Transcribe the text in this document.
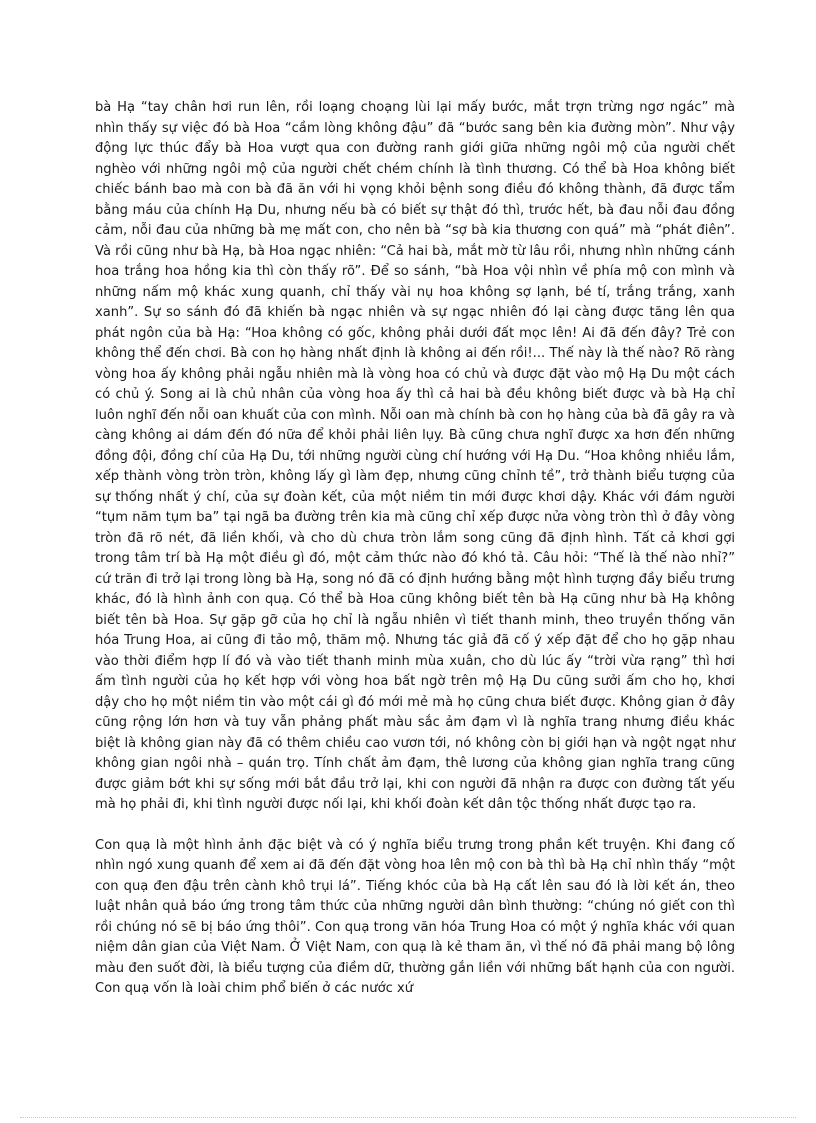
bà Hạ “tay chân hơi run lên, rồi loạng choạng lùi lại mấy bước, mắt trợn trừng ngơ ngác” mà nhìn thấy sự việc đó bà Hoa “cầm lòng không đậu” đã “bước sang bên kia đường mòn”. Như vậy động lực thúc đẩy bà Hoa vượt qua con đường ranh giới giữa những ngôi mộ của người chết nghèo với những ngôi mộ của người chết chém chính là tình thương. Có thể bà Hoa không biết chiếc bánh bao mà con bà đã ăn với hi vọng khỏi bệnh song điều đó không thành, đã được tẩm bằng máu của chính Hạ Du, nhưng nếu bà có biết sự thật đó thì, trước hết, bà đau nỗi đau đồng cảm, nỗi đau của những bà mẹ mất con, cho nên bà “sợ bà kia thương con quá” mà “phát điên”. Và rồi cũng như bà Hạ, bà Hoa ngạc nhiên: “Cả hai bà, mắt mờ từ lâu rồi, nhưng nhìn những cánh hoa trắng hoa hồng kia thì còn thấy rõ”. Để so sánh, “bà Hoa vội nhìn về phía mộ con mình và những nấm mộ khác xung quanh, chỉ thấy vài nụ hoa không sợ lạnh, bé tí, trắng trắng, xanh xanh”. Sự so sánh đó đã khiến bà ngạc nhiên và sự ngạc nhiên đó lại càng được tăng lên qua phát ngôn của bà Hạ: “Hoa không có gốc, không phải dưới đất mọc lên! Ai đã đến đây? Trẻ con không thể đến chơi. Bà con họ hàng nhất định là không ai đến rồi!... Thế này là thế nào? Rõ ràng vòng hoa ấy không phải ngẫu nhiên mà là vòng hoa có chủ và được đặt vào mộ Hạ Du một cách có chủ ý. Song ai là chủ nhân của vòng hoa ấy thì cả hai bà đều không biết được và bà Hạ chỉ luôn nghĩ đến nỗi oan khuất của con mình. Nỗi oan mà chính bà con họ hàng của bà đã gây ra và càng không ai dám đến đó nữa để khỏi phải liên lụy. Bà cũng chưa nghĩ được xa hơn đến những đồng đội, đồng chí của Hạ Du, tới những người cùng chí hướng với Hạ Du. “Hoa không nhiều lắm, xếp thành vòng tròn tròn, không lấy gì làm đẹp, nhưng cũng chỉnh tề”, trở thành biểu tượng của sự thống nhất ý chí, của sự đoàn kết, của một niềm tin mới được khơi dậy. Khác với đám người “tụm năm tụm ba” tại ngã ba đường trên kia mà cũng chỉ xếp được nửa vòng tròn thì ở đây vòng tròn đã rõ nét, đã liền khối, và cho dù chưa tròn lắm song cũng đã định hình. Tất cả khơi gợi trong tâm trí bà Hạ một điều gì đó, một cảm thức nào đó khó tả. Câu hỏi: “Thế là thế nào nhỉ?” cứ trăn đi trở lại trong lòng bà Hạ, song nó đã có định hướng bằng một hình tượng đầy biểu trưng khác, đó là hình ảnh con quạ. Có thể bà Hoa cũng không biết tên bà Hạ cũng như bà Hạ không biết tên bà Hoa. Sự gặp gỡ của họ chỉ là ngẫu nhiên vì tiết thanh minh, theo truyền thống văn hóa Trung Hoa, ai cũng đi tảo mộ, thăm mộ. Nhưng tác giả đã cố ý xếp đặt để cho họ gặp nhau vào thời điểm hợp lí đó và vào tiết thanh minh mùa xuân, cho dù lúc ấy “trời vừa rạng” thì hơi ấm tình người của họ kết hợp với vòng hoa bất ngờ trên mộ Hạ Du cũng sưởi ấm cho họ, khơi dậy cho họ một niềm tin vào một cái gì đó mới mẻ mà họ cũng chưa biết được. Không gian ở đây cũng rộng lớn hơn và tuy vẫn phảng phất màu sắc ảm đạm vì là nghĩa trang nhưng điều khác biệt là không gian này đã có thêm chiều cao vươn tới, nó không còn bị giới hạn và ngột ngạt như không gian ngôi nhà – quán trọ. Tính chất ảm đạm, thê lương của không gian nghĩa trang cũng được giảm bớt khi sự sống mới bắt đầu trở lại, khi con người đã nhận ra được con đường tất yếu mà họ phải đi, khi tình người được nối lại, khi khối đoàn kết dân tộc thống nhất được tạo ra.

Con quạ là một hình ảnh đặc biệt và có ý nghĩa biểu trưng trong phần kết truyện. Khi đang cố nhìn ngó xung quanh để xem ai đã đến đặt vòng hoa lên mộ con bà thì bà Hạ chỉ nhìn thấy “một con quạ đen đậu trên cành khô trụi lá”. Tiếng khóc của bà Hạ cất lên sau đó là lời kết án, theo luật nhân quả báo ứng trong tâm thức của những người dân bình thường: “chúng nó giết con thì rồi chúng nó sẽ bị báo ứng thôi”. Con quạ trong văn hóa Trung Hoa có một ý nghĩa khác với quan niệm dân gian của Việt Nam. Ở Việt Nam, con quạ là kẻ tham ăn, vì thế nó đã phải mang bộ lông màu đen suốt đời, là biểu tượng của điềm dữ, thường gắn liền với những bất hạnh của con người. Con quạ vốn là loài chim phổ biến ở các nước xứ
